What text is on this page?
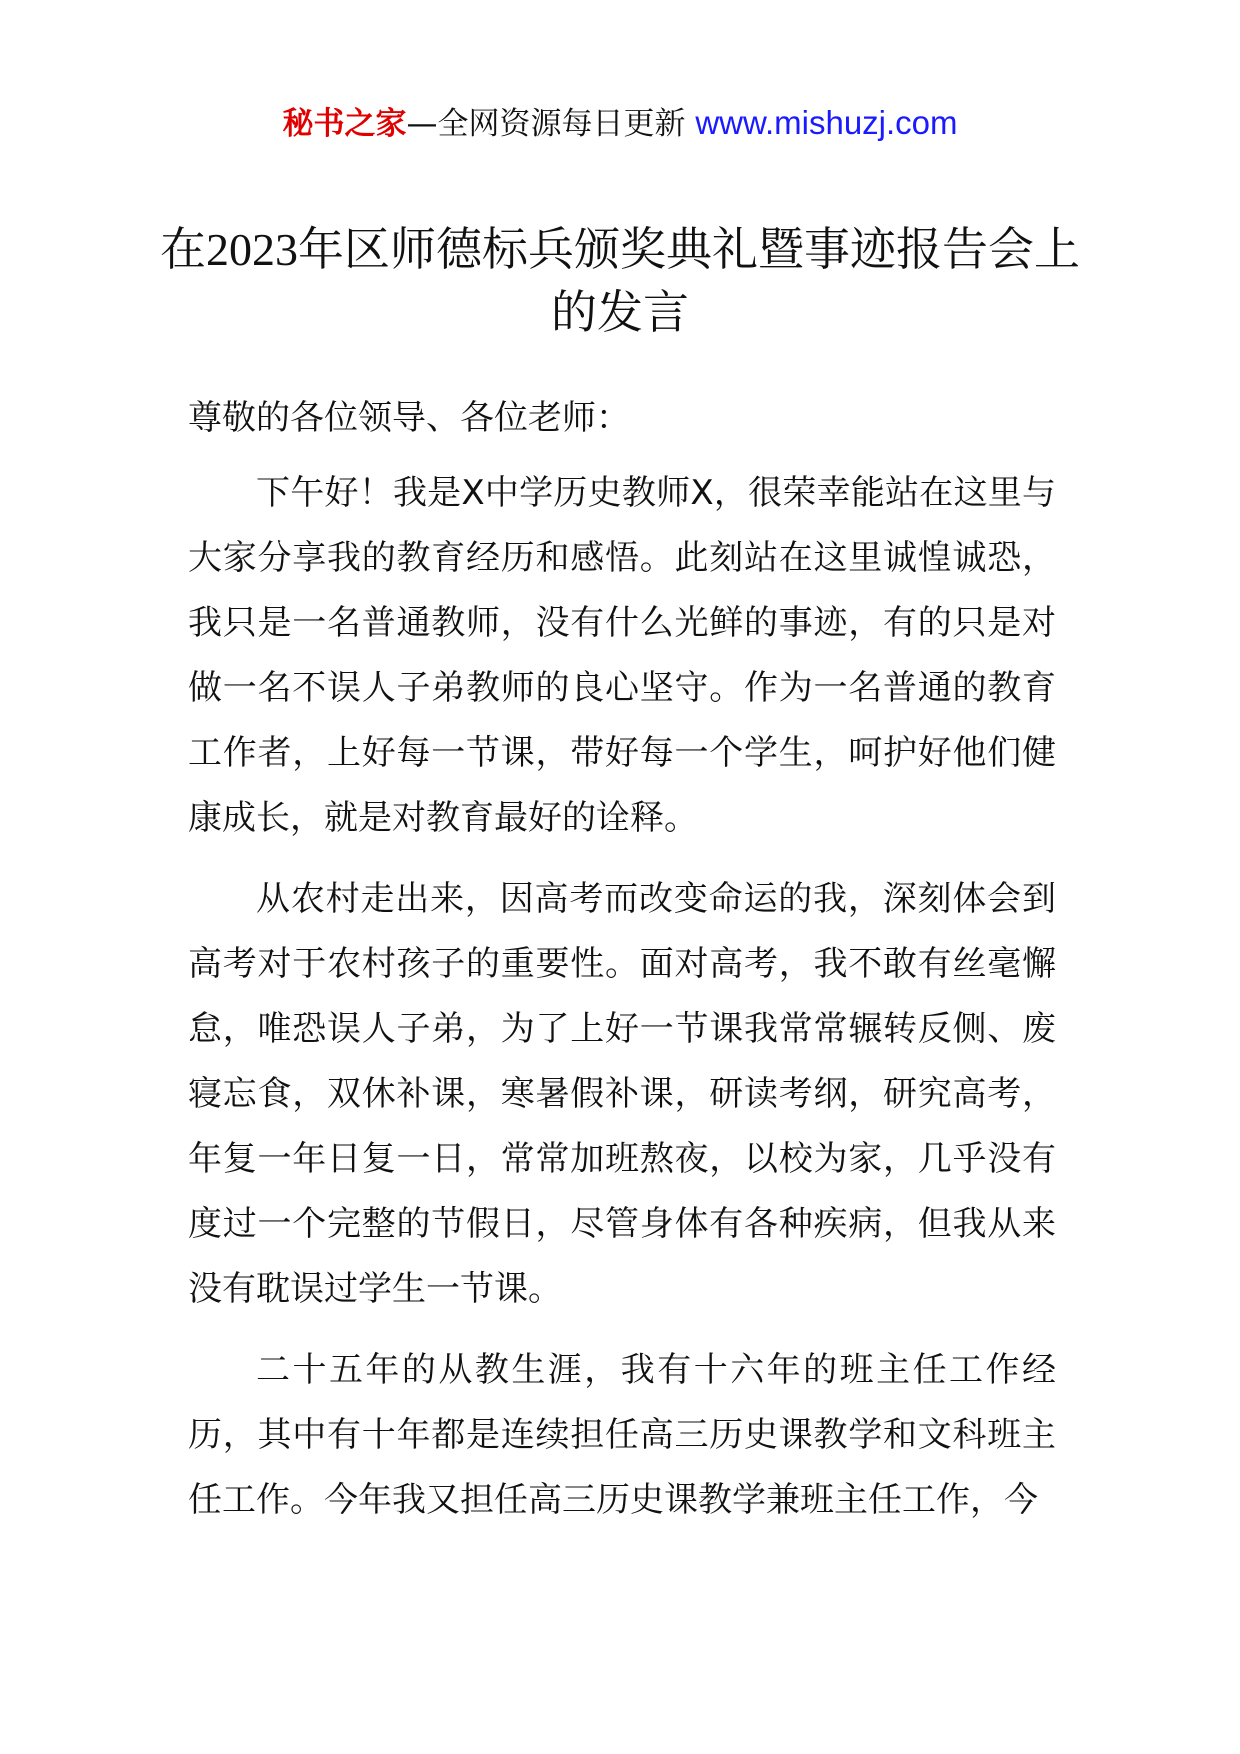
秘书之家—全网资源每日更新 www.mishuzj.com
在2023年区师德标兵颁奖典礼暨事迹报告会上的发言

尊敬的各位领导、各位老师：

下午好！我是X中学历史教师X，很荣幸能站在这里与大家分享我的教育经历和感悟。此刻站在这里诚惶诚恐，我只是一名普通教师，没有什么光鲜的事迹，有的只是对做一名不误人子弟教师的良心坚守。作为一名普通的教育工作者，上好每一节课，带好每一个学生，呵护好他们健康成长，就是对教育最好的诠释。

从农村走出来，因高考而改变命运的我，深刻体会到高考对于农村孩子的重要性。面对高考，我不敢有丝毫懈怠，唯恐误人子弟，为了上好一节课我常常辗转反侧、废寝忘食，双休补课，寒暑假补课，研读考纲，研究高考，年复一年日复一日，常常加班熬夜，以校为家，几乎没有度过一个完整的节假日，尽管身体有各种疾病，但我从来没有耽误过学生一节课。

二十五年的从教生涯，我有十六年的班主任工作经历，其中有十年都是连续担任高三历史课教学和文科班主任工作。今年我又担任高三历史课教学兼班主任工作，今
